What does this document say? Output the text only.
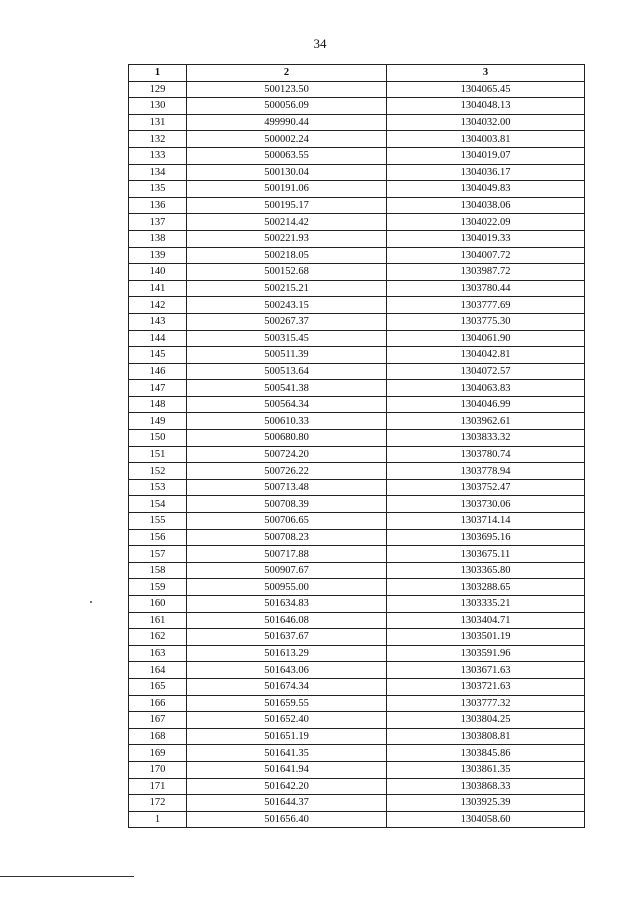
34
1	2	3
129	500123.50	1304065.45
130	500056.09	1304048.13
131	499990.44	1304032.00
132	500002.24	1304003.81
133	500063.55	1304019.07
134	500130.04	1304036.17
135	500191.06	1304049.83
136	500195.17	1304038.06
137	500214.42	1304022.09
138	500221.93	1304019.33
139	500218.05	1304007.72
140	500152.68	1303987.72
141	500215.21	1303780.44
142	500243.15	1303777.69
143	500267.37	1303775.30
144	500315.45	1304061.90
145	500511.39	1304042.81
146	500513.64	1304072.57
147	500541.38	1304063.83
148	500564.34	1304046.99
149	500610.33	1303962.61
150	500680.80	1303833.32
151	500724.20	1303780.74
152	500726.22	1303778.94
153	500713.48	1303752.47
154	500708.39	1303730.06
155	500706.65	1303714.14
156	500708.23	1303695.16
157	500717.88	1303675.11
158	500907.67	1303365.80
159	500955.00	1303288.65
160	501634.83	1303335.21
161	501646.08	1303404.71
162	501637.67	1303501.19
163	501613.29	1303591.96
164	501643.06	1303671.63
165	501674.34	1303721.63
166	501659.55	1303777.32
167	501652.40	1303804.25
168	501651.19	1303808.81
169	501641.35	1303845.86
170	501641.94	1303861.35
171	501642.20	1303868.33
172	501644.37	1303925.39
1	501656.40	1304058.60
